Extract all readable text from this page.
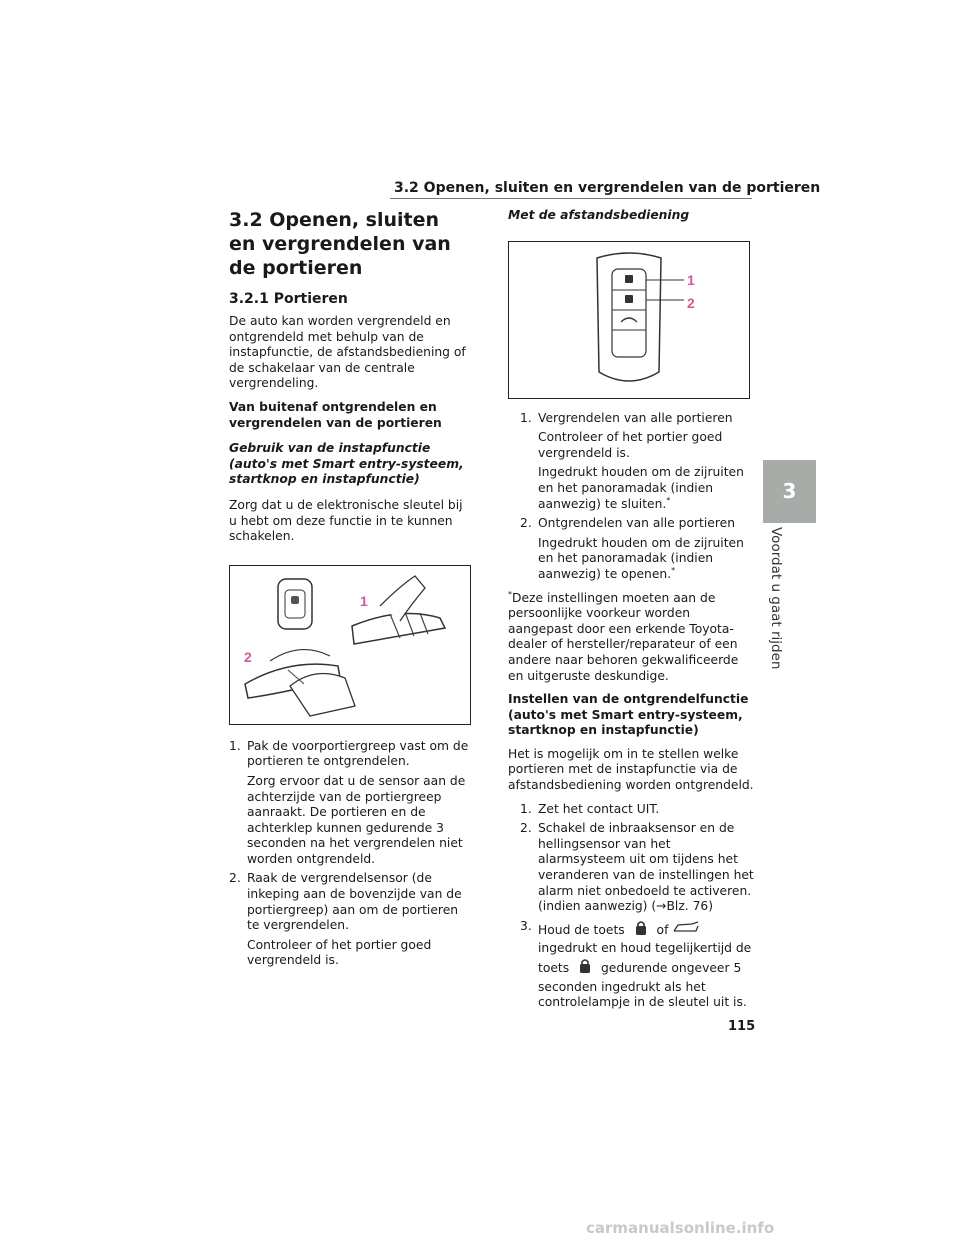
3.2 Openen, sluiten en vergrendelen van de portieren
3.2 Openen, sluiten en vergrendelen van de portieren
3.2.1 Portieren

De auto kan worden vergrendeld en ontgrendeld met behulp van de instapfunctie, de afstandsbediening of de schakelaar van de centrale vergrendeling.

Van buitenaf ontgrendelen en vergrendelen van de portieren

Gebruik van de instapfunctie (auto's met Smart entry-systeem, startknop en instapfunctie)

Zorg dat u de elektronische sleutel bij u hebt om deze functie in te kunnen schakelen.

1
2
1. Pak de voorportiergreep vast om de portieren te ontgrendelen.

Zorg ervoor dat u de sensor aan de achterzijde van de portiergreep aanraakt. De portieren en de achterklep kunnen gedurende 3 seconden na het vergrendelen niet worden ontgrendeld.

2. Raak de vergrendelsensor (de inkeping aan de bovenzijde van de portiergreep) aan om de portieren te vergrendelen.

Controleer of het portier goed vergrendeld is.

Met de afstandsbediening

1
2
1. Vergrendelen van alle portieren

Controleer of het portier goed vergrendeld is.

Ingedrukt houden om de zijruiten en het panoramadak (indien aanwezig) te sluiten.*

2. Ontgrendelen van alle portieren

Ingedrukt houden om de zijruiten en het panoramadak (indien aanwezig) te openen.*

*Deze instellingen moeten aan de persoonlijke voorkeur worden aangepast door een erkende Toyota-dealer of hersteller/reparateur of een andere naar behoren gekwalificeerde en uitgeruste deskundige.

Instellen van de ontgrendelfunctie (auto's met Smart entry-systeem, startknop en instapfunctie)

Het is mogelijk om in te stellen welke portieren met de instapfunctie via de afstandsbediening worden ontgrendeld.

1. Zet het contact UIT.
2. Schakel de inbraaksensor en de hellingsensor van het alarmsysteem uit om tijdens het veranderen van de instellingen het alarm niet onbedoeld te activeren. (indien aanwezig) (→Blz. 76)
3. Houd de toets	of  ingedrukt en houd tegelijkertijd de toets	gedurende ongeveer 5 seconden ingedrukt als het controlelampje in de sleutel uit is.
3
Voordat u gaat rijden
115
carmanualsonline.info
